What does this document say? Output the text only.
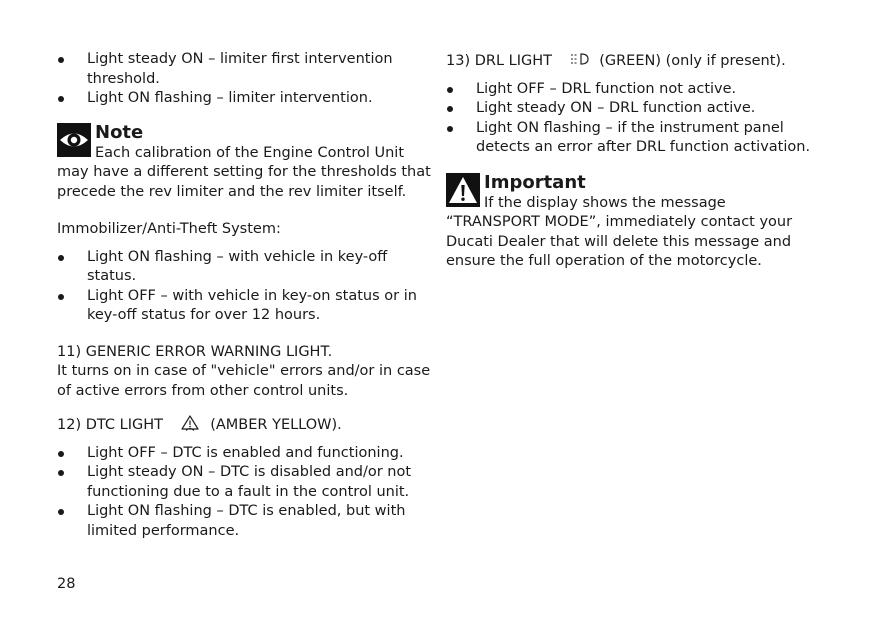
Light steady ON – limiter first intervention threshold.
Light ON flashing – limiter intervention.
Note

Each calibration of the Engine Control Unit may have a different setting for the thresholds that precede the rev limiter and the rev limiter itself.

Immobilizer/Anti-Theft System:

Light ON flashing – with vehicle in key-off status.
Light OFF – with vehicle in key-on status or in key-off status for over 12 hours.

11) GENERIC ERROR WARNING LIGHT.

It turns on in case of "vehicle" errors and/or in case of active errors from other control units.

12) DTC LIGHT	(AMBER YELLOW).

Light OFF – DTC is enabled and functioning.
Light steady ON – DTC is disabled and/or not functioning due to a fault in the control unit.
Light ON flashing – DTC is enabled, but with limited performance.

13) DRL LIGHT	(GREEN) (only if present).

Light OFF – DRL function not active.
Light steady ON – DRL function active.
Light ON flashing – if the instrument panel detects an error after DRL function activation.
Important

If the display shows the message “TRANSPORT MODE”, immediately contact your Ducati Dealer that will delete this message and ensure the full operation of the motorcycle.

28
